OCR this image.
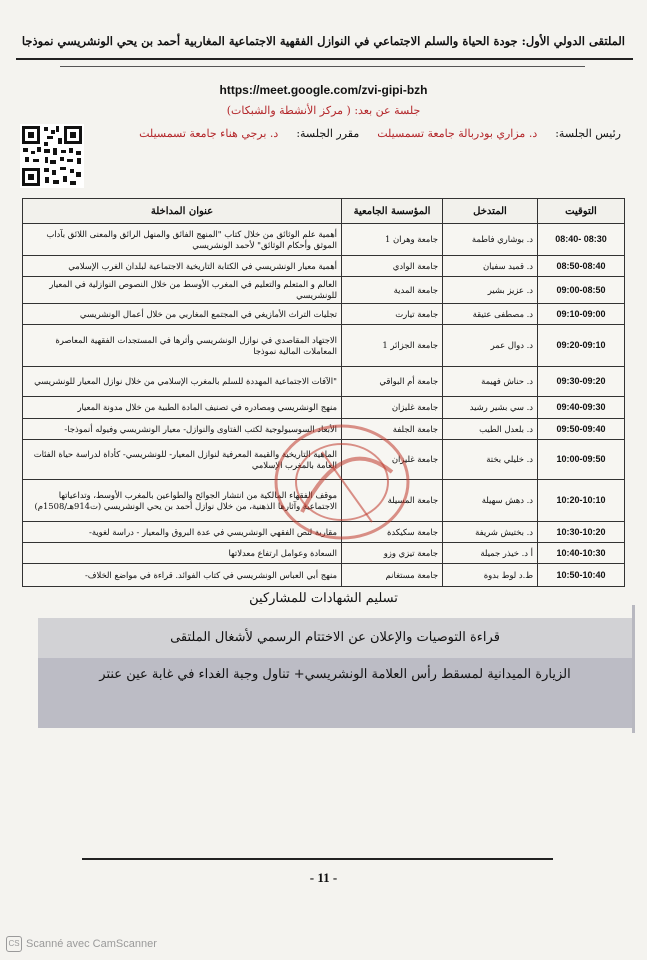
الملتقى الدولي الأول: جودة الحياة والسلم الاجتماعي في النوازل الفقهية الاجتماعية المغاربية أحمد بن يحي الونشريسي نموذجا
https://meet.google.com/zvi-gipi-bzh
جلسة عن بعد: ( مركز الأنشطة والشبكات)
رئيس الجلسة:
د. مزاري بودربالة جامعة تسمسيلت
مقرر الجلسة:
د. برجي هناء جامعة تسمسيلت
التوقيت	المتدخل	المؤسسة الجامعية	عنوان المداخلة
08:40- 08:30	د. بوشاري فاطمة	جامعة وهران 1	أهمية علم الوثائق من خلال كتاب "المنهج الفائق والمنهل الرائق والمعنى اللائق بآداب الموثق وأحكام الوثائق" لأحمد الونشريسي
08:50-08:40	د. قميد سفيان	جامعة الوادي	أهمية معيار الونشريسي في الكتابة التاريخية الاجتماعية لبلدان الغرب الإسلامي
09:00-08:50	د. عزيز بشير	جامعة المدية	العالم و المتعلم والتعليم في المغرب الأوسط من خلال النصوص النوازلية في المعيار للونشريسي
09:10-09:00	د. مصطفى عتيقة	جامعة تيارت	تجليات التراث الأمازيغي في المجتمع المغاربي من خلال أعمال الونشريسي
09:20-09:10	د. دوال عمر	جامعة الجزائر 1	الاجتهاد المقاصدي في نوازل الونشريسي وأثرها في المستجدات الفقهية المعاصرة المعاملات المالية نموذجا
09:30-09:20	د. حناش فهيمة	جامعة أم البواقي	"الآفات الاجتماعية المهددة للسلم بالمغرب الإسلامي من خلال نوازل المعيار للونشريسي
09:40-09:30	د. سي بشير رشيد	جامعة غليزان	منهج الونشريسي ومصادره في تصنيف المادة الطبية من خلال مدونة المعيار
09:50-09:40	د. بلعدل الطيب	جامعة الجلفة	الأبعاد السوسيولوجية لكتب الفتاوى والنوازل- معيار الونشريسي وفيوله أنموذجا-
10:00-09:50	د. خليلي بختة	جامعة غليزان	الماهية التاريخية والقيمة المعرفية لنوازل المعيار- للونشريسي- كأداة لدراسة حياة الفئات العامة بالمغرب الإسلامي
10:20-10:10	د. دهش سهيلة	جامعة المسيلة	موقف الفقهاء المالكية من انتشار الجوائح والطواعين بالمغرب الأوسط، وتداعياتها الاجتماعية وآثارها الذهنية، من خلال نوازل أحمد بن يحي الونشريسي (ت914هـ/1508م)
10:30-10:20	د. بختيش شريفة	جامعة سكيكدة	مقاربة لنص الفقهي الونشريسي في عدة البروق والمعيار - دراسة لغوية-
10:40-10:30	أ د. خيذر جميلة	جامعة تيزي وزو	السعادة وعوامل ارتفاع معدلاتها
10:50-10:40	ط.د لوط بدوة	جامعة مستغانم	منهج أبي العباس الونشريسي في كتاب الفوائد. قراءة في مواضع الخلاف-
تسليم الشهادات للمشاركين
قراءة التوصيات والإعلان عن الاختتام الرسمي لأشغال الملتقى
الزيارة الميدانية لمسقط رأس العلامة الونشريسي+ تناول وجبة الغداء في غابة عين عنتر
- 11 -
CS Scanné avec CamScanner
